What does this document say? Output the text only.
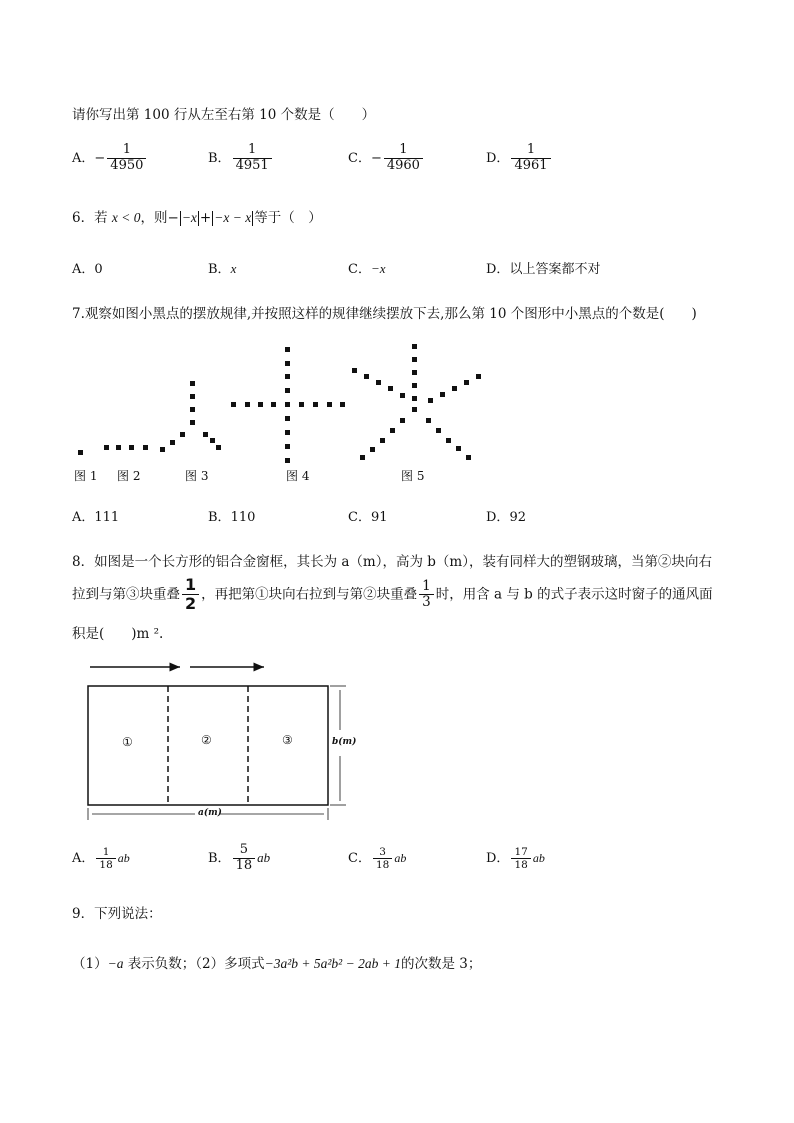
请你写出第 100 行从左至右第 10 个数是（　　）
A．− $\frac{1}{4950}$	B． $\frac{1}{4951}$	C．− $\frac{1}{4960}$	D． $\frac{1}{4961}$
6．若 x < 0，则− −x + −x − x 等于（　）
A．0	B．x	C．−x	D．以上答案都不对
7.观察如图小黑点的摆放规律,并按照这样的规律继续摆放下去,那么第 10 个图形中小黑点的个数是(　　)
图 1 图 2	图 3	图 4	图 5
A．111	B．110	C．91	D．92
8．如图是一个长方形的铝合金窗框，其长为 a（m），高为 b（m），装有同样大的塑钢玻璃，当第②块向右
拉到与第③块重叠 $\frac{1}{2}$ ，再把第①块向右拉到与第②块重叠 $\frac{1}{3}$ 时，用含 a 与 b 的式子表示这时窗子的通风面
积是(　　)m ².
①	②	③	b(m)
a(m)
A． $\frac{1}{18}$ ab	B． $\frac{5}{18}$ ab	C． $\frac{3}{18}$ ab	D． $\frac{17}{18}$ ab
9．下列说法：
（1）−a 表示负数；（2）多项式−3a²b + 5a²b² − 2ab + 1的次数是 3；
